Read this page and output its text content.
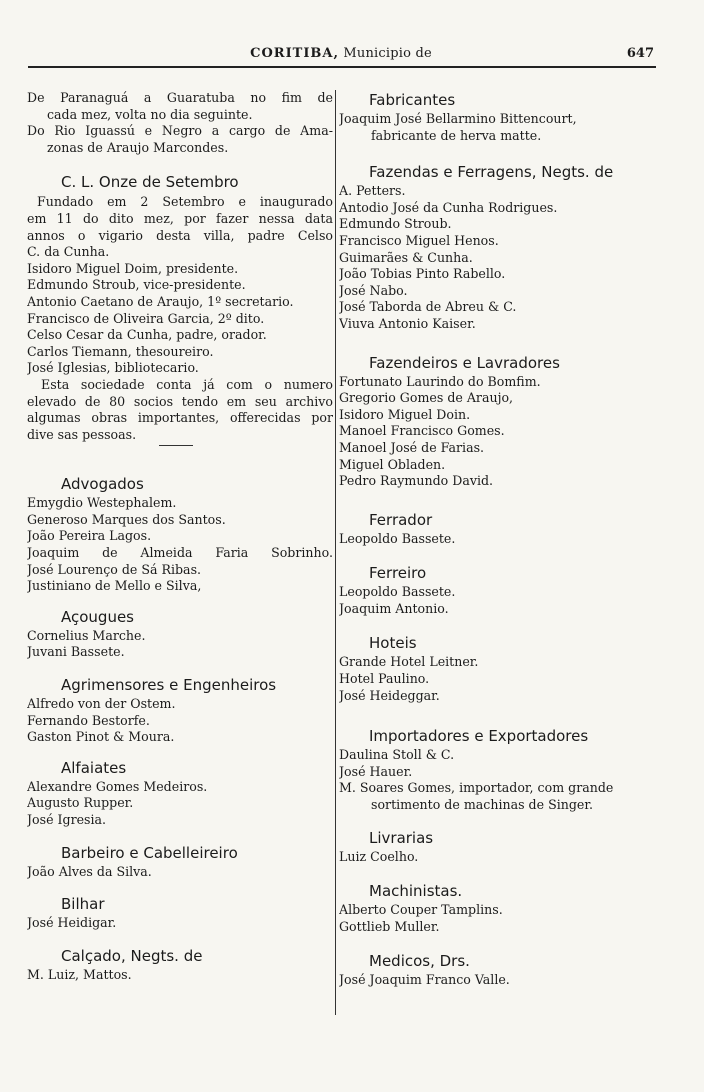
CORITIBA, Municipio de	647
De Paranaguá a Guaratuba no fim de
cada mez, volta no dia seguinte.
Do Rio Iguassú e Negro a cargo de Ama-
zonas de Araujo Marcondes.
C. L. Onze de Setembro
Fundado em 2 Setembro e inaugurado
em 11 do dito mez, por fazer nessa data
annos o vigario desta villa, padre Celso
C. da Cunha.
Isidoro Miguel Doim, presidente.
Edmundo Stroub, vice-presidente.
Antonio Caetano de Araujo, 1º secretario.
Francisco de Oliveira Garcia, 2º dito.
Celso Cesar da Cunha, padre, orador.
Carlos Tiemann, thesoureiro.
José Iglesias, bibliotecario.
Esta sociedade conta já com o numero
elevado de 80 socios tendo em seu archivo
algumas obras importantes, offerecidas por
dive sas pessoas.
Advogados
Emygdio Westephalem.
Generoso Marques dos Santos.
João Pereira Lagos.
Joaquim de Almeida Faria Sobrinho.
José Lourenço de Sá Ribas.
Justiniano de Mello e Silva,
Açougues
Cornelius Marche.
Juvani Bassete.
Agrimensores e Engenheiros
Alfredo von der Ostem.
Fernando Bestorfe.
Gaston Pinot & Moura.
Alfaiates
Alexandre Gomes Medeiros.
Augusto Rupper.
José Igresia.
Barbeiro e Cabelleireiro
João Alves da Silva.
Bilhar
José Heidigar.
Calçado, Negts. de
M. Luiz, Mattos.
Fabricantes
Joaquim José Bellarmino Bittencourt,
fabricante de herva matte.
Fazendas e Ferragens, Negts. de
A. Petters.
Antodio José da Cunha Rodrigues.
Edmundo Stroub.
Francisco Miguel Henos.
Guimarães & Cunha.
João Tobias Pinto Rabello.
José Nabo.
José Taborda de Abreu & C.
Viuva Antonio Kaiser.
Fazendeiros e Lavradores
Fortunato Laurindo do Bomfim.
Gregorio Gomes de Araujo,
Isidoro Miguel Doin.
Manoel Francisco Gomes.
Manoel José de Farias.
Miguel Obladen.
Pedro Raymundo David.
Ferrador
Leopoldo Bassete.
Ferreiro
Leopoldo Bassete.
Joaquim Antonio.
Hoteis
Grande Hotel Leitner.
Hotel Paulino.
José Heideggar.
Importadores e Exportadores
Daulina Stoll & C.
José Hauer.
M. Soares Gomes, importador, com grande
sortimento de machinas de Singer.
Livrarias
Luiz Coelho.
Machinistas.
Alberto Couper Tamplins.
Gottlieb Muller.
Medicos, Drs.
José Joaquim Franco Valle.
